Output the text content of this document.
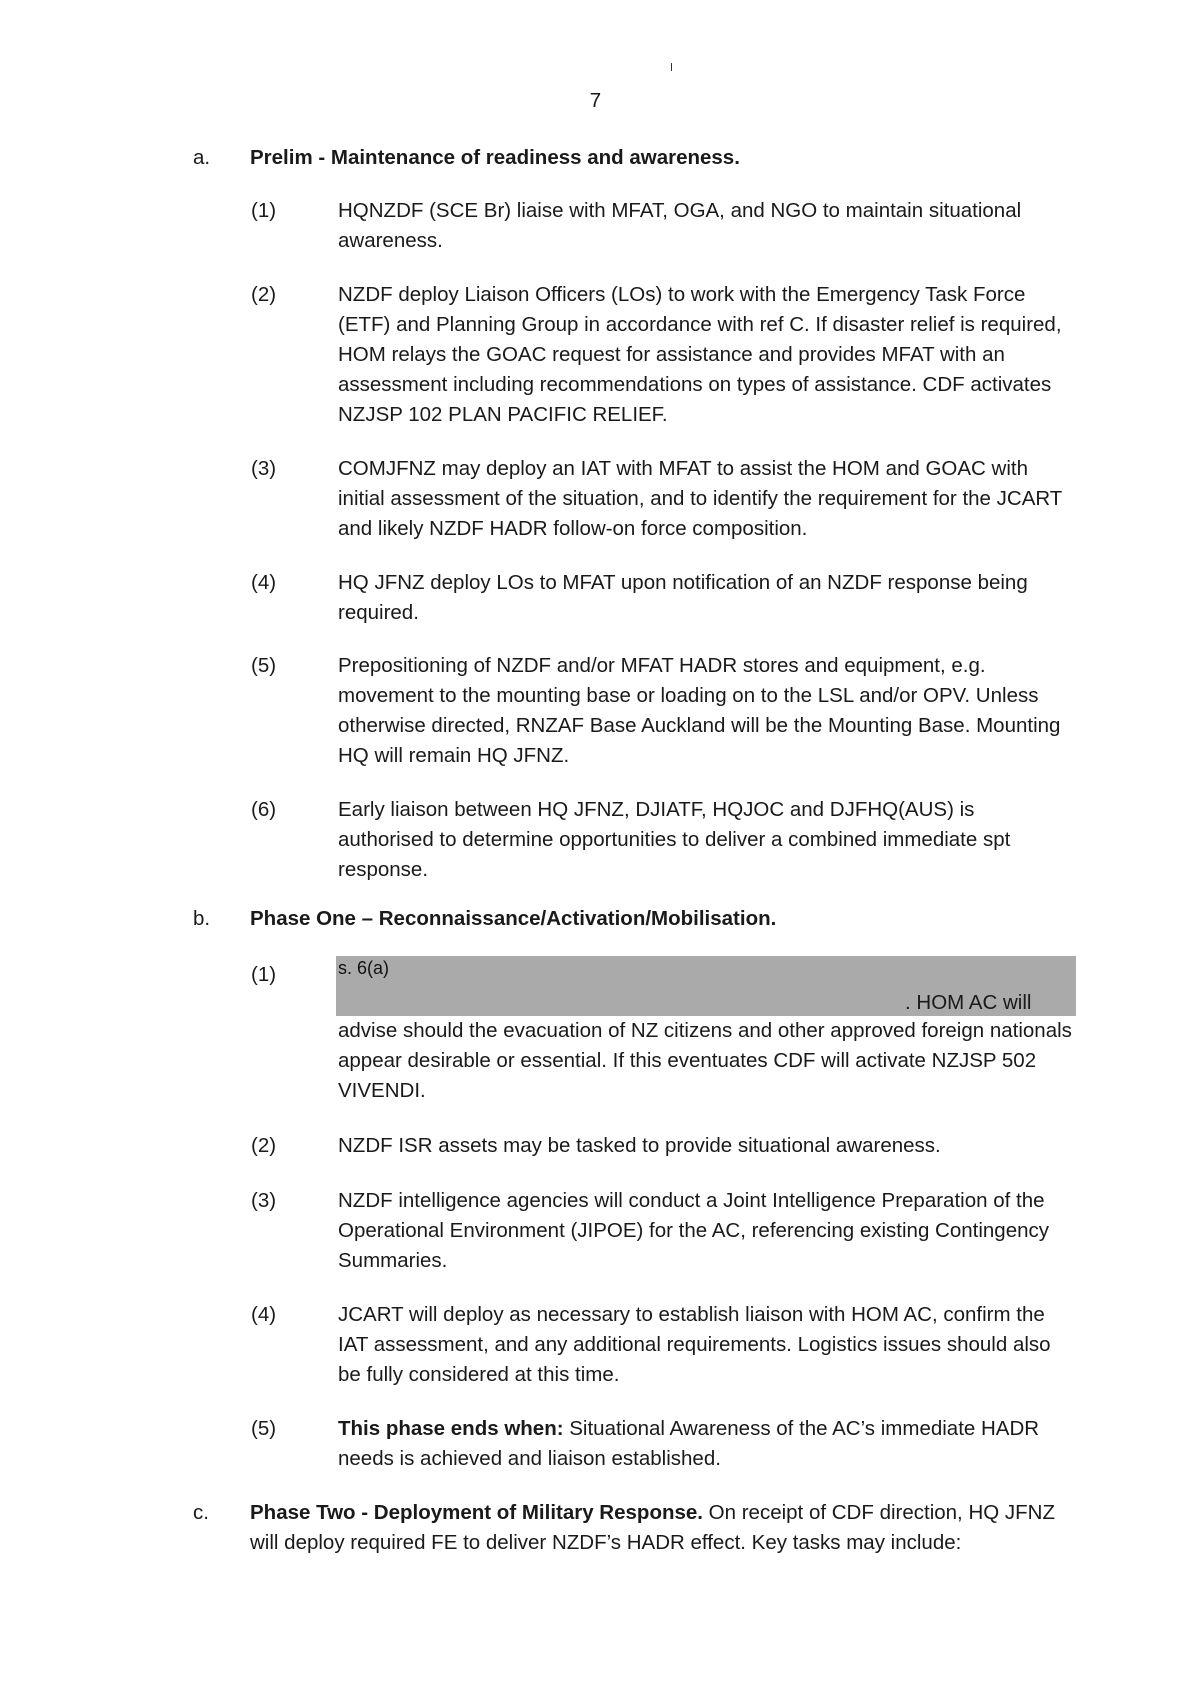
7
a. Prelim - Maintenance of readiness and awareness.
(1)	HQNZDF (SCE Br) liaise with MFAT, OGA, and NGO to maintain situational awareness.
(2)	NZDF deploy Liaison Officers (LOs) to work with the Emergency Task Force (ETF) and Planning Group in accordance with ref C. If disaster relief is required, HOM relays the GOAC request for assistance and provides MFAT with an assessment including recommendations on types of assistance. CDF activates NZJSP 102 PLAN PACIFIC RELIEF.
(3)	COMJFNZ may deploy an IAT with MFAT to assist the HOM and GOAC with initial assessment of the situation, and to identify the requirement for the JCART and likely NZDF HADR follow-on force composition.
(4)	HQ JFNZ deploy LOs to MFAT upon notification of an NZDF response being required.
(5)	Prepositioning of NZDF and/or MFAT HADR stores and equipment, e.g. movement to the mounting base or loading on to the LSL and/or OPV. Unless otherwise directed, RNZAF Base Auckland will be the Mounting Base. Mounting HQ will remain HQ JFNZ.
(6)	Early liaison between HQ JFNZ, DJIATF, HQJOC and DJFHQ(AUS) is authorised to determine opportunities to deliver a combined immediate spt response.
b. Phase One – Reconnaissance/Activation/Mobilisation.
(1)	s. 6(a)
. HOM AC will
advise should the evacuation of NZ citizens and other approved foreign nationals appear desirable or essential. If this eventuates CDF will activate NZJSP 502 VIVENDI.
(2)	NZDF ISR assets may be tasked to provide situational awareness.
(3)	NZDF intelligence agencies will conduct a Joint Intelligence Preparation of the Operational Environment (JIPOE) for the AC, referencing existing Contingency Summaries.
(4)	JCART will deploy as necessary to establish liaison with HOM AC, confirm the IAT assessment, and any additional requirements. Logistics issues should also be fully considered at this time.
(5)	This phase ends when: Situational Awareness of the AC’s immediate HADR needs is achieved and liaison established.
c. Phase Two - Deployment of Military Response. On receipt of CDF direction, HQ JFNZ will deploy required FE to deliver NZDF’s HADR effect. Key tasks may include:
